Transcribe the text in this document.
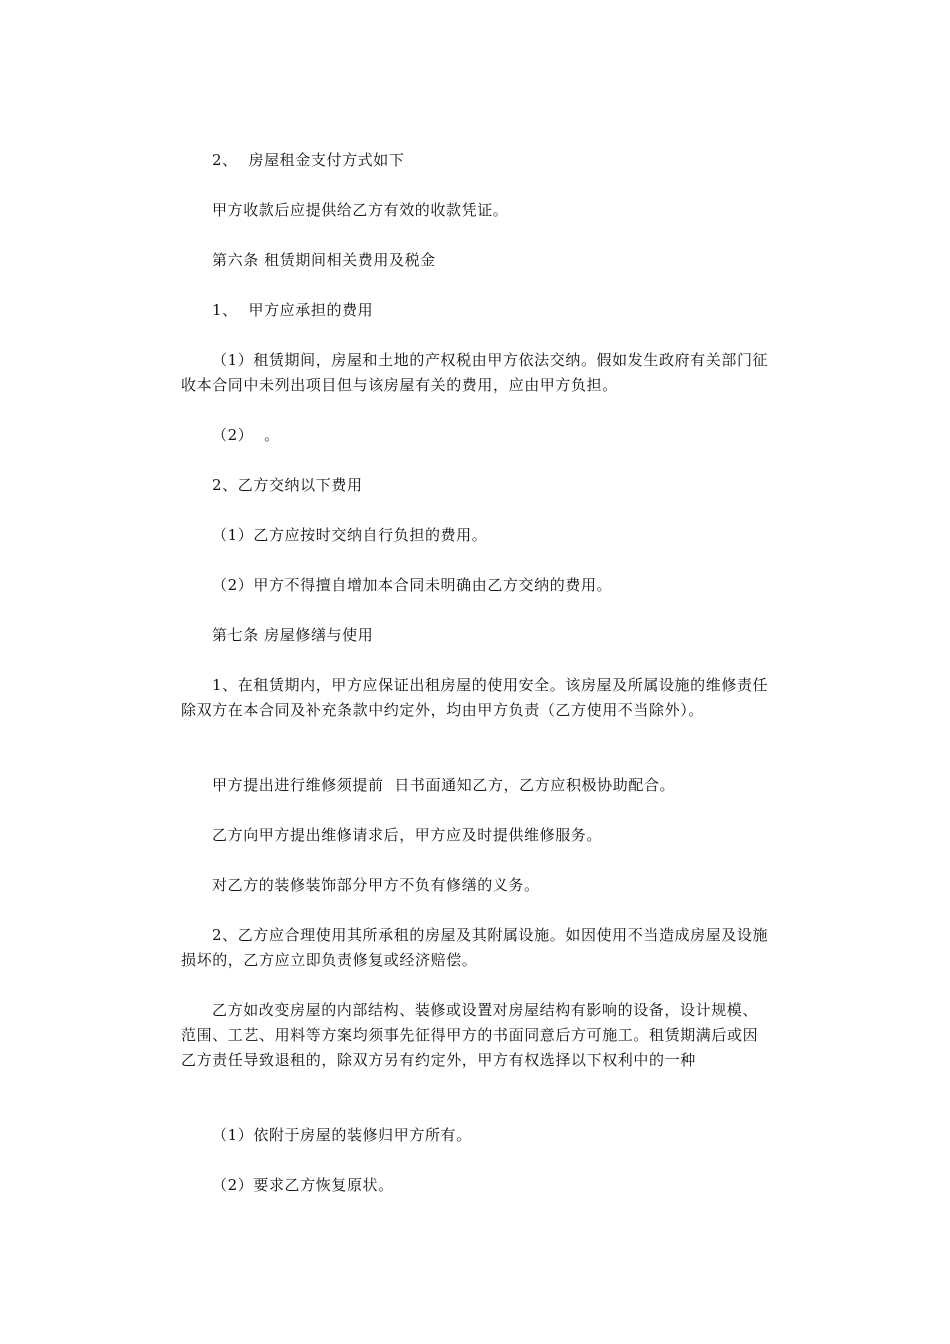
2、  房屋租金支付方式如下

甲方收款后应提供给乙方有效的收款凭证。

第六条 租赁期间相关费用及税金

1、  甲方应承担的费用

（1）租赁期间，房屋和土地的产权税由甲方依法交纳。假如发生政府有关部门征收本合同中未列出项目但与该房屋有关的费用，应由甲方负担。

（2）  。

2、乙方交纳以下费用

（1）乙方应按时交纳自行负担的费用。

（2）甲方不得擅自增加本合同未明确由乙方交纳的费用。

第七条 房屋修缮与使用

1、在租赁期内，甲方应保证出租房屋的使用安全。该房屋及所属设施的维修责任除双方在本合同及补充条款中约定外，均由甲方负责（乙方使用不当除外）。

甲方提出进行维修须提前  日书面通知乙方，乙方应积极协助配合。

乙方向甲方提出维修请求后，甲方应及时提供维修服务。

对乙方的装修装饰部分甲方不负有修缮的义务。

2、乙方应合理使用其所承租的房屋及其附属设施。如因使用不当造成房屋及设施损坏的，乙方应立即负责修复或经济赔偿。

乙方如改变房屋的内部结构、装修或设置对房屋结构有影响的设备，设计规模、范围、工艺、用料等方案均须事先征得甲方的书面同意后方可施工。租赁期满后或因乙方责任导致退租的，除双方另有约定外，甲方有权选择以下权利中的一种

（1）依附于房屋的装修归甲方所有。

（2）要求乙方恢复原状。
